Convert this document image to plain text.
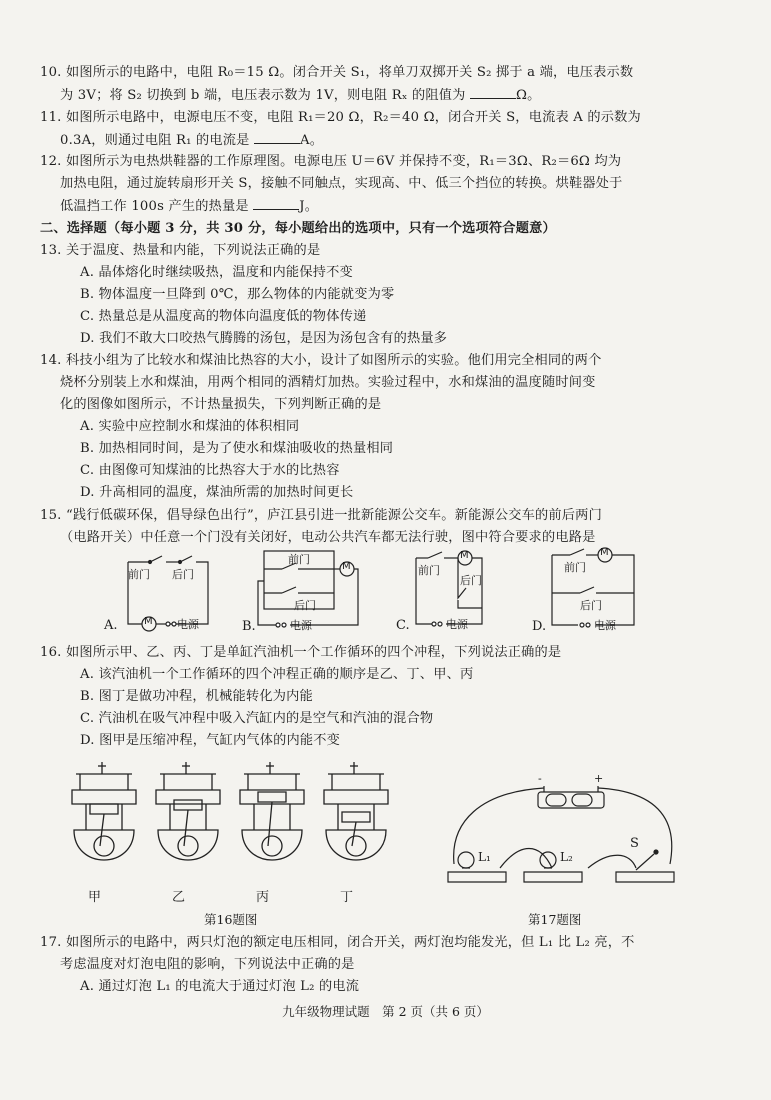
10. 如图所示的电路中，电阻 R₀＝15 Ω。闭合开关 S₁，将单刀双掷开关 S₂ 掷于 a 端，电压表示数

为 3V；将 S₂ 切换到 b 端，电压表示数为 1V，则电阻 Rₓ 的阻值为	Ω。

11. 如图所示电路中，电源电压不变，电阻 R₁＝20 Ω，R₂＝40 Ω，闭合开关 S，电流表 A 的示数为

0.3A，则通过电阻 R₁ 的电流是	A。

12. 如图所示为电热烘鞋器的工作原理图。电源电压 U＝6V 并保持不变，R₁＝3Ω、R₂＝6Ω 均为

加热电阻，通过旋转扇形开关 S，接触不同触点，实现高、中、低三个挡位的转换。烘鞋器处于

低温挡工作 100s 产生的热量是	J。

二、选择题（每小题 3 分，共 30 分，每小题给出的选项中，只有一个选项符合题意）

13. 关于温度、热量和内能，下列说法正确的是

A. 晶体熔化时继续吸热，温度和内能保持不变

B. 物体温度一旦降到 0℃，那么物体的内能就变为零

C. 热量总是从温度高的物体向温度低的物体传递

D. 我们不敢大口咬热气腾腾的汤包，是因为汤包含有的热量多

14. 科技小组为了比较水和煤油比热容的大小，设计了如图所示的实验。他们用完全相同的两个

烧杯分别装上水和煤油，用两个相同的酒精灯加热。实验过程中，水和煤油的温度随时间变

化的图像如图所示，不计热量损失，下列判断正确的是

A. 实验中应控制水和煤油的体积相同

B. 加热相同时间，是为了使水和煤油吸收的热量相同

C. 由图像可知煤油的比热容大于水的比热容

D. 升高相同的温度，煤油所需的加热时间更长

15. “践行低碳环保，倡导绿色出行”，庐江县引进一批新能源公交车。新能源公交车的前后两门

（电路开关）中任意一个门没有关闭好，电动公共汽车都无法行驶，图中符合要求的电路是

前门 后门
M 电源
A.
前门
后门
M
电源
B.
前门
后门
M
电源
C.
前门
后门
M
电源
D.

16. 如图所示甲、乙、丙、丁是单缸汽油机一个工作循环的四个冲程，下列说法正确的是

A. 该汽油机一个工作循环的四个冲程正确的顺序是乙、丁、甲、丙

B. 图丁是做功冲程，机械能转化为内能

C. 汽油机在吸气冲程中吸入汽缸内的是空气和汽油的混合物

D. 图甲是压缩冲程，气缸内气体的内能不变

甲	乙	丙	丁
第16题图
-	+
L₁	L₂
S
第17题图

17. 如图所示的电路中，两只灯泡的额定电压相同，闭合开关，两灯泡均能发光，但 L₁ 比 L₂ 亮，不

考虑温度对灯泡电阻的影响，下列说法中正确的是

A. 通过灯泡 L₁ 的电流大于通过灯泡 L₂ 的电流

九年级物理试题　第 2 页（共 6 页）
